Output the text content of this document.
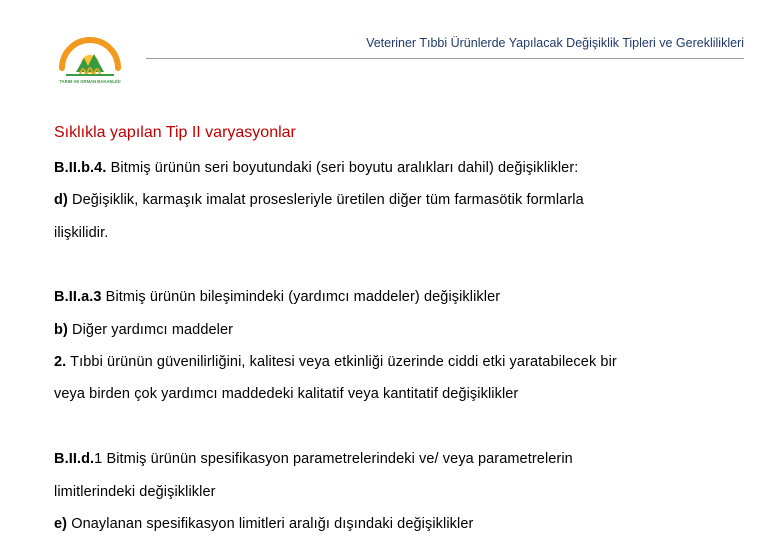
TARIM VE ORMAN BAKANLIĞI
Veteriner Tıbbi Ürünlerde Yapılacak Değişiklik Tipleri ve Gereklilikleri
Sıklıkla yapılan Tip II varyasyonlar
B.II.b.4. Bitmiş ürünün seri boyutundaki (seri boyutu aralıkları dahil) değişiklikler:
d) Değişiklik, karmaşık imalat prosesleriyle üretilen diğer tüm farmasötik formlarla
ilişkilidir.
B.II.a.3 Bitmiş ürünün bileşimindeki (yardımcı maddeler) değişiklikler
b) Diğer yardımcı maddeler
2. Tıbbi ürünün güvenilirliğini, kalitesi veya etkinliği üzerinde ciddi etki yaratabilecek bir
veya birden çok yardımcı maddedeki kalitatif veya kantitatif değişiklikler
B.II.d.1 Bitmiş ürünün spesifikasyon parametrelerindeki ve/ veya parametrelerin
limitlerindeki değişiklikler
e) Onaylanan spesifikasyon limitleri aralığı dışındaki değişiklikler
